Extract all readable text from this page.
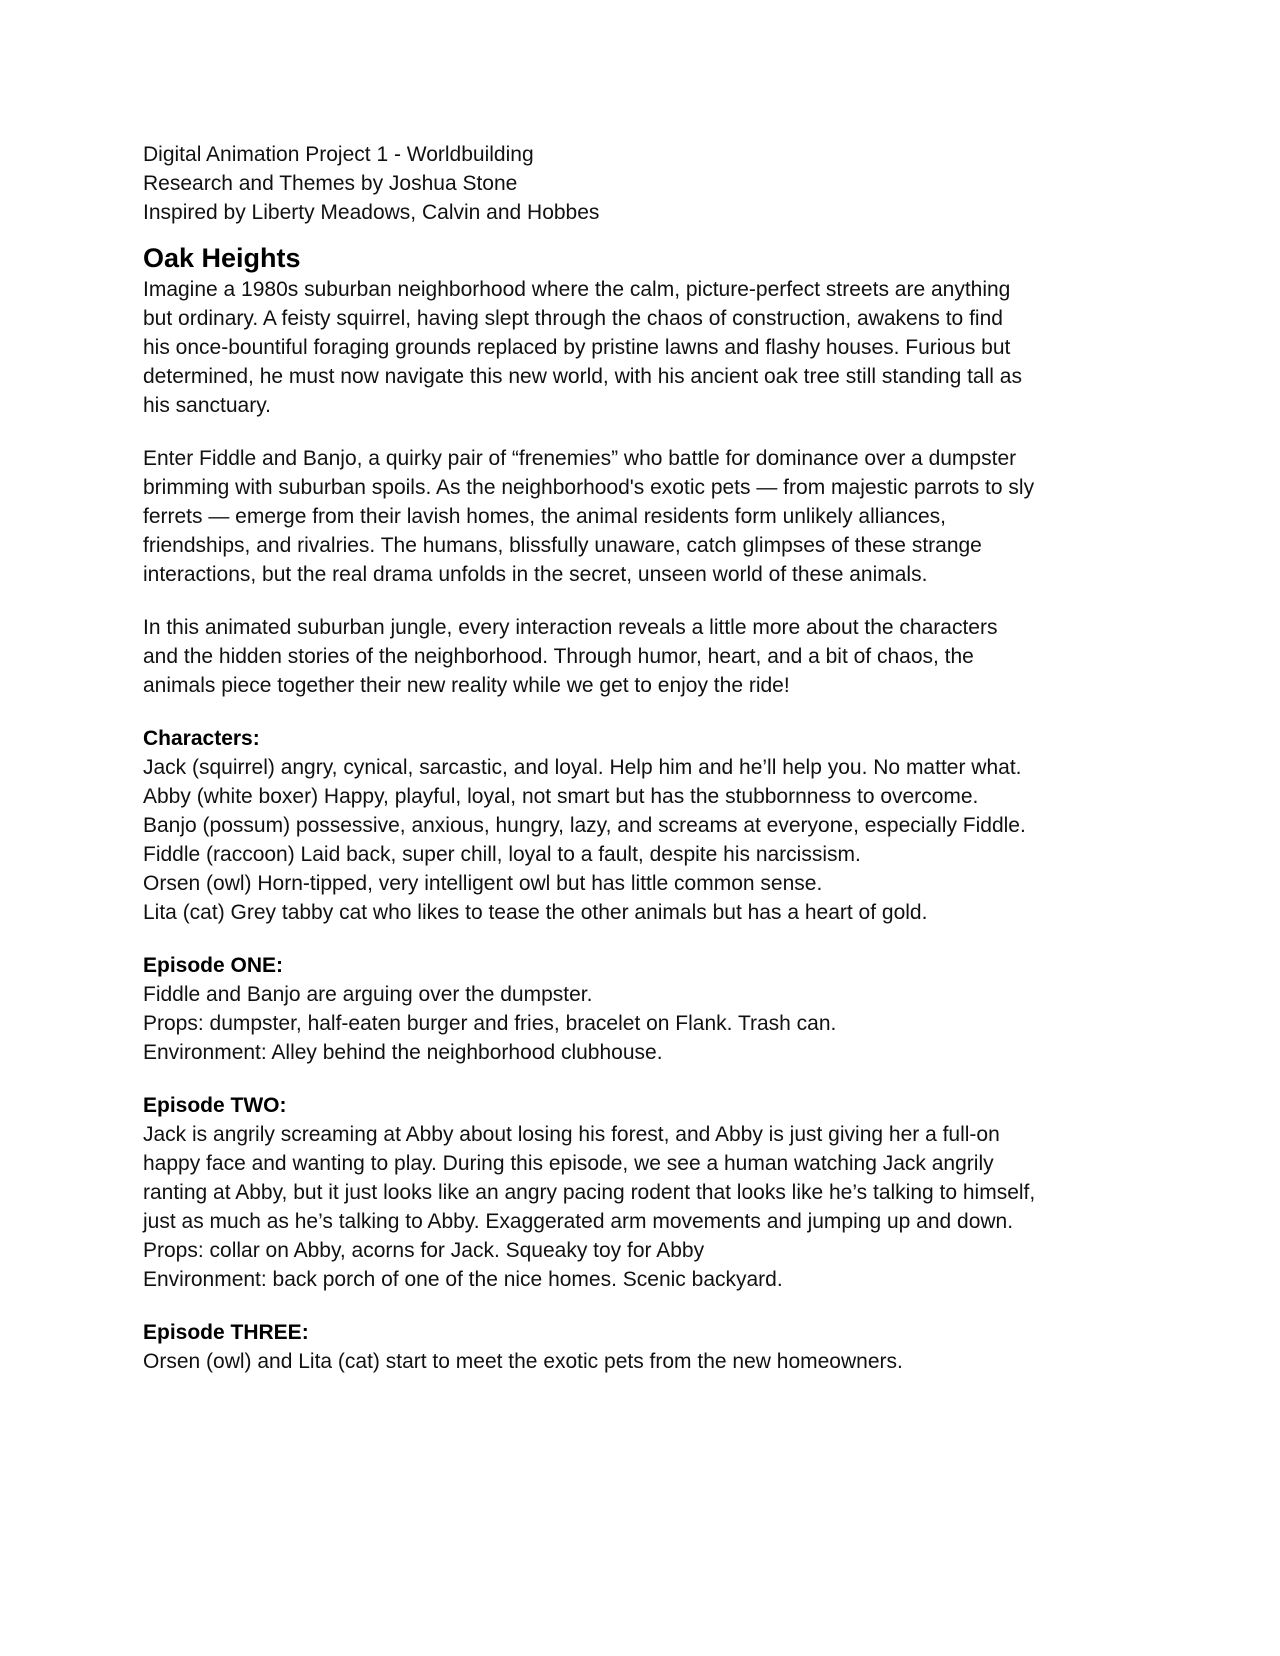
Digital Animation Project 1 - Worldbuilding

Research and Themes by Joshua Stone

Inspired by Liberty Meadows, Calvin and Hobbes

Oak Heights

Imagine a 1980s suburban neighborhood where the calm, picture-perfect streets are anything

but ordinary. A feisty squirrel, having slept through the chaos of construction, awakens to find

his once-bountiful foraging grounds replaced by pristine lawns and flashy houses. Furious but

determined, he must now navigate this new world, with his ancient oak tree still standing tall as

his sanctuary.

Enter Fiddle and Banjo, a quirky pair of “frenemies” who battle for dominance over a dumpster

brimming with suburban spoils. As the neighborhood's exotic pets — from majestic parrots to sly

ferrets — emerge from their lavish homes, the animal residents form unlikely alliances,

friendships, and rivalries. The humans, blissfully unaware, catch glimpses of these strange

interactions, but the real drama unfolds in the secret, unseen world of these animals.

In this animated suburban jungle, every interaction reveals a little more about the characters

and the hidden stories of the neighborhood. Through humor, heart, and a bit of chaos, the

animals piece together their new reality while we get to enjoy the ride!

Characters:

Jack (squirrel) angry, cynical, sarcastic, and loyal. Help him and he’ll help you. No matter what.

Abby (white boxer) Happy, playful, loyal, not smart but has the stubbornness to overcome.

Banjo (possum) possessive, anxious, hungry, lazy, and screams at everyone, especially Fiddle.

Fiddle (raccoon) Laid back, super chill, loyal to a fault, despite his narcissism.

Orsen (owl) Horn-tipped, very intelligent owl but has little common sense.

Lita (cat) Grey tabby cat who likes to tease the other animals but has a heart of gold.

Episode ONE:

Fiddle and Banjo are arguing over the dumpster.

Props: dumpster, half-eaten burger and fries, bracelet on Flank. Trash can.

Environment: Alley behind the neighborhood clubhouse.

Episode TWO:

Jack is angrily screaming at Abby about losing his forest, and Abby is just giving her a full-on

happy face and wanting to play. During this episode, we see a human watching Jack angrily

ranting at Abby, but it just looks like an angry pacing rodent that looks like he’s talking to himself,

just as much as he’s talking to Abby. Exaggerated arm movements and jumping up and down.

Props: collar on Abby, acorns for Jack. Squeaky toy for Abby

Environment: back porch of one of the nice homes. Scenic backyard.

Episode THREE:

Orsen (owl) and Lita (cat) start to meet the exotic pets from the new homeowners.
